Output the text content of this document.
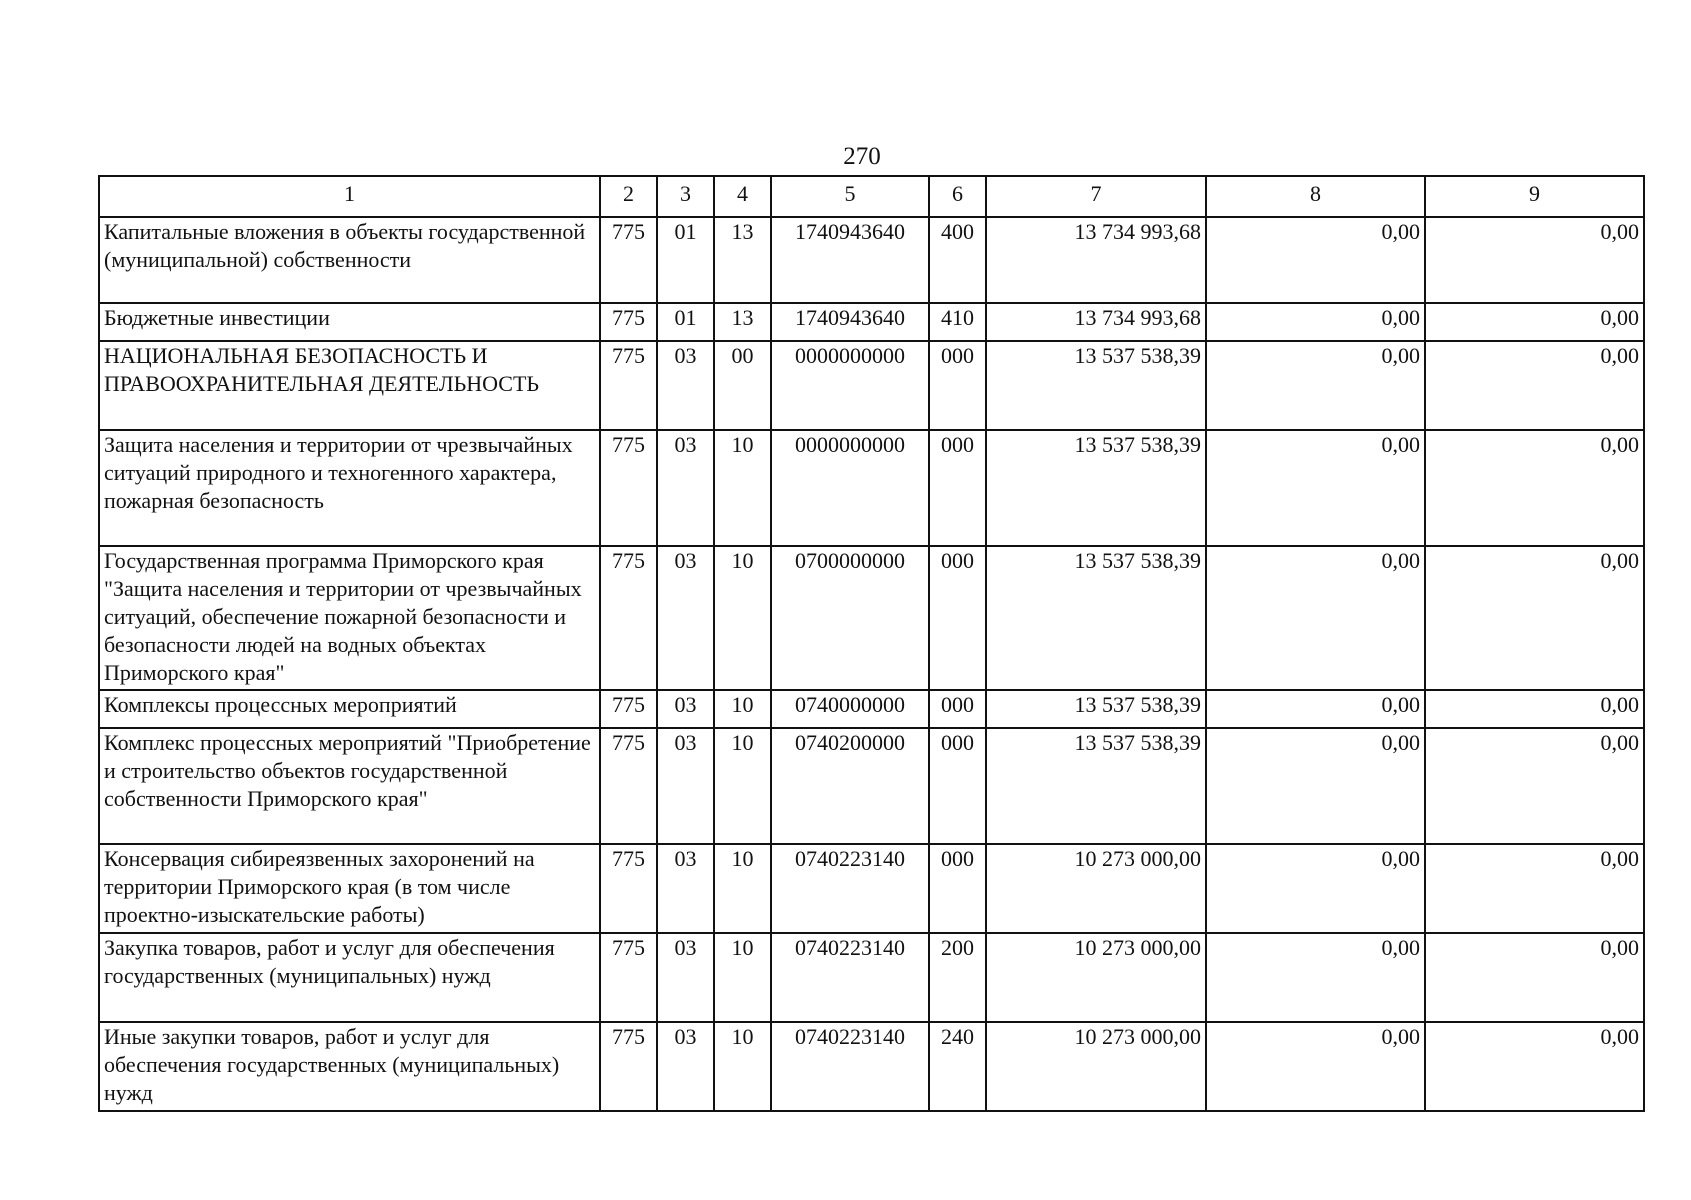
270
1	2	3	4	5	6	7	8	9
Капитальные вложения в объекты государственной (муниципальной) собственности	775	01	13	1740943640	400	13 734 993,68	0,00	0,00
Бюджетные инвестиции	775	01	13	1740943640	410	13 734 993,68	0,00	0,00
НАЦИОНАЛЬНАЯ БЕЗОПАСНОСТЬ И ПРАВООХРАНИТЕЛЬНАЯ ДЕЯТЕЛЬНОСТЬ	775	03	00	0000000000	000	13 537 538,39	0,00	0,00
Защита населения и территории от чрезвычайных ситуаций природного и техногенного характера, пожарная безопасность	775	03	10	0000000000	000	13 537 538,39	0,00	0,00
Государственная программа Приморского края "Защита населения и территории от чрезвычайных ситуаций, обеспечение пожарной безопасности и безопасности людей на водных объектах Приморского края"	775	03	10	0700000000	000	13 537 538,39	0,00	0,00
Комплексы процессных мероприятий	775	03	10	0740000000	000	13 537 538,39	0,00	0,00
Комплекс процессных мероприятий "Приобретение и строительство объектов государственной собственности Приморского края"	775	03	10	0740200000	000	13 537 538,39	0,00	0,00
Консервация сибиреязвенных захоронений на территории Приморского края (в том числе проектно-изыскательские работы)	775	03	10	0740223140	000	10 273 000,00	0,00	0,00
Закупка товаров, работ и услуг для обеспечения государственных (муниципальных) нужд	775	03	10	0740223140	200	10 273 000,00	0,00	0,00
Иные закупки товаров, работ и услуг для обеспечения государственных (муниципальных) нужд	775	03	10	0740223140	240	10 273 000,00	0,00	0,00
